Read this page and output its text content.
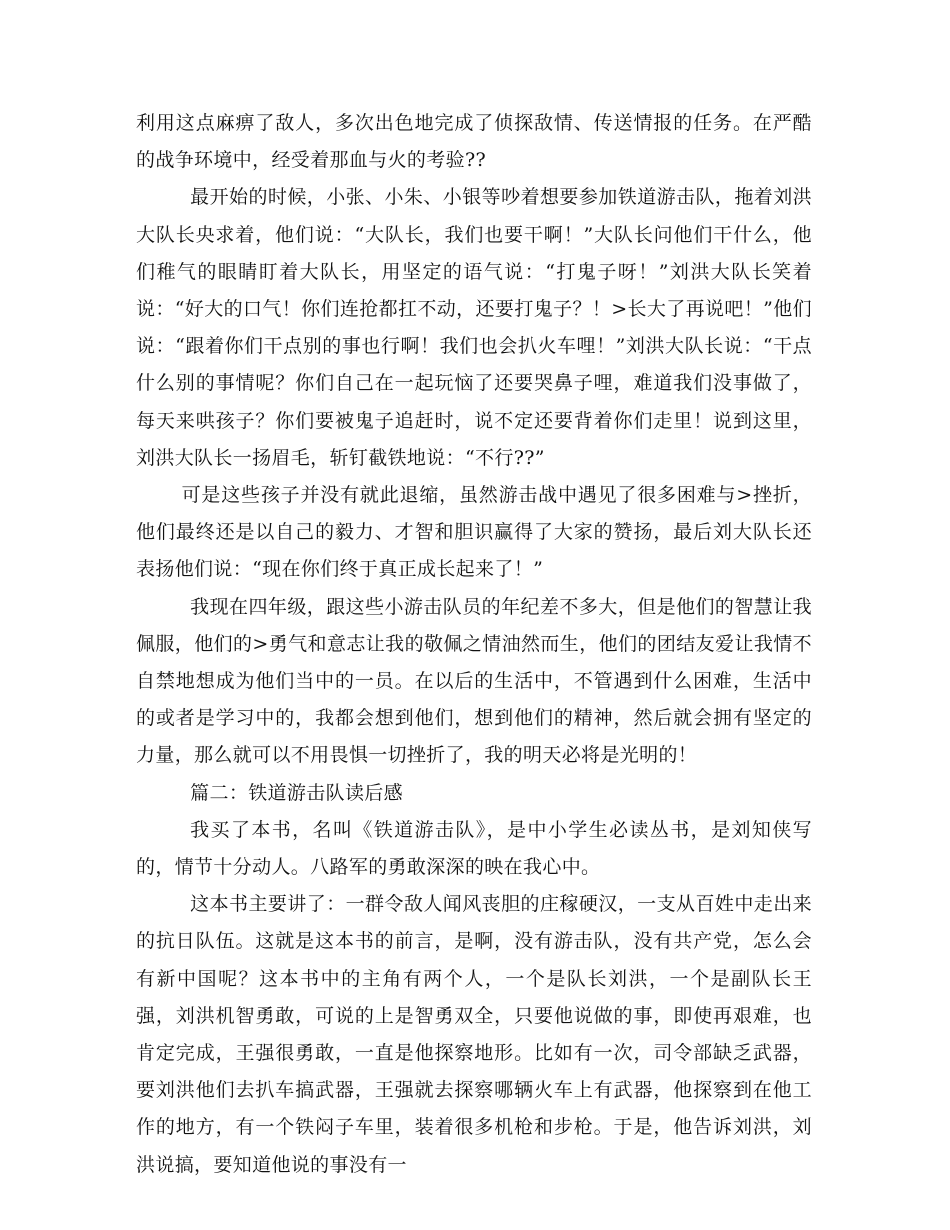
利用这点麻痹了敌人，多次出色地完成了侦探敌情、传送情报的任务。在严酷的战争环境中，经受着那血与火的考验??

最开始的时候，小张、小朱、小银等吵着想要参加铁道游击队，拖着刘洪大队长央求着，他们说：“大队长，我们也要干啊！”大队长问他们干什么，他们稚气的眼睛盯着大队长，用坚定的语气说：“打鬼子呀！”刘洪大队长笑着说：“好大的口气！你们连抢都扛不动，还要打鬼子？！>长大了再说吧！”他们说：“跟着你们干点别的事也行啊！我们也会扒火车哩！”刘洪大队长说：“干点什么别的事情呢？你们自己在一起玩恼了还要哭鼻子哩，难道我们没事做了，每天来哄孩子？你们要被鬼子追赶时，说不定还要背着你们走里！说到这里，刘洪大队长一扬眉毛，斩钉截铁地说：“不行??”

可是这些孩子并没有就此退缩，虽然游击战中遇见了很多困难与>挫折，他们最终还是以自己的毅力、才智和胆识赢得了大家的赞扬，最后刘大队长还表扬他们说：“现在你们终于真正成长起来了！”

我现在四年级，跟这些小游击队员的年纪差不多大，但是他们的智慧让我佩服，他们的>勇气和意志让我的敬佩之情油然而生，他们的团结友爱让我情不自禁地想成为他们当中的一员。在以后的生活中，不管遇到什么困难，生活中的或者是学习中的，我都会想到他们，想到他们的精神，然后就会拥有坚定的力量，那么就可以不用畏惧一切挫折了，我的明天必将是光明的！

篇二：铁道游击队读后感

我买了本书，名叫《铁道游击队》，是中小学生必读丛书，是刘知侠写的，情节十分动人。八路军的勇敢深深的映在我心中。

这本书主要讲了：一群令敌人闻风丧胆的庄稼硬汉，一支从百姓中走出来的抗日队伍。这就是这本书的前言，是啊，没有游击队，没有共产党，怎么会有新中国呢？这本书中的主角有两个人，一个是队长刘洪，一个是副队长王强，刘洪机智勇敢，可说的上是智勇双全，只要他说做的事，即使再艰难，也肯定完成，王强很勇敢，一直是他探察地形。比如有一次，司令部缺乏武器，要刘洪他们去扒车搞武器，王强就去探察哪辆火车上有武器，他探察到在他工作的地方，有一个铁闷子车里，装着很多机枪和步枪。于是，他告诉刘洪，刘洪说搞，要知道他说的事没有一
